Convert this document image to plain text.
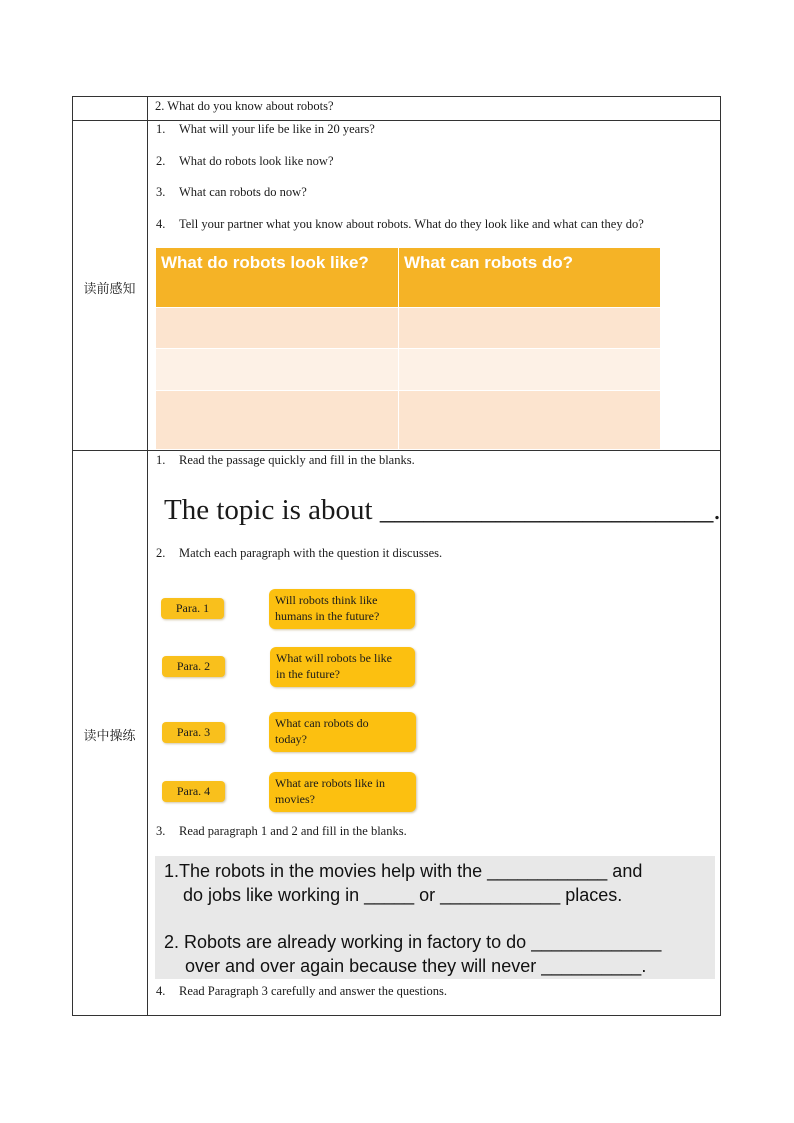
2. What do you know about robots?
读前感知
1. What will your life be like in 20 years?
2. What do robots look like now?
3. What can robots do now?
4. Tell your partner what you know about robots. What do they look like and what can they do?
What do robots look like?	What can robots do?
读中操练
1. Read the passage quickly and fill in the blanks.
The topic is about _______________________.
2. Match each paragraph with the question it discusses.
Para. 1
Para. 2
Para. 3
Para. 4
Will robots think like
humans in the future?
What will robots be like
in the future?
What can robots do
today?
What are robots like in
movies?
3. Read paragraph 1 and 2 and fill in the blanks.
1.The robots in the movies help with the ____________ and
do jobs like working in _____ or ____________ places.
2. Robots are already working in factory to do _____________
over and over again because they will never __________.
4. Read Paragraph 3 carefully and answer the questions.
